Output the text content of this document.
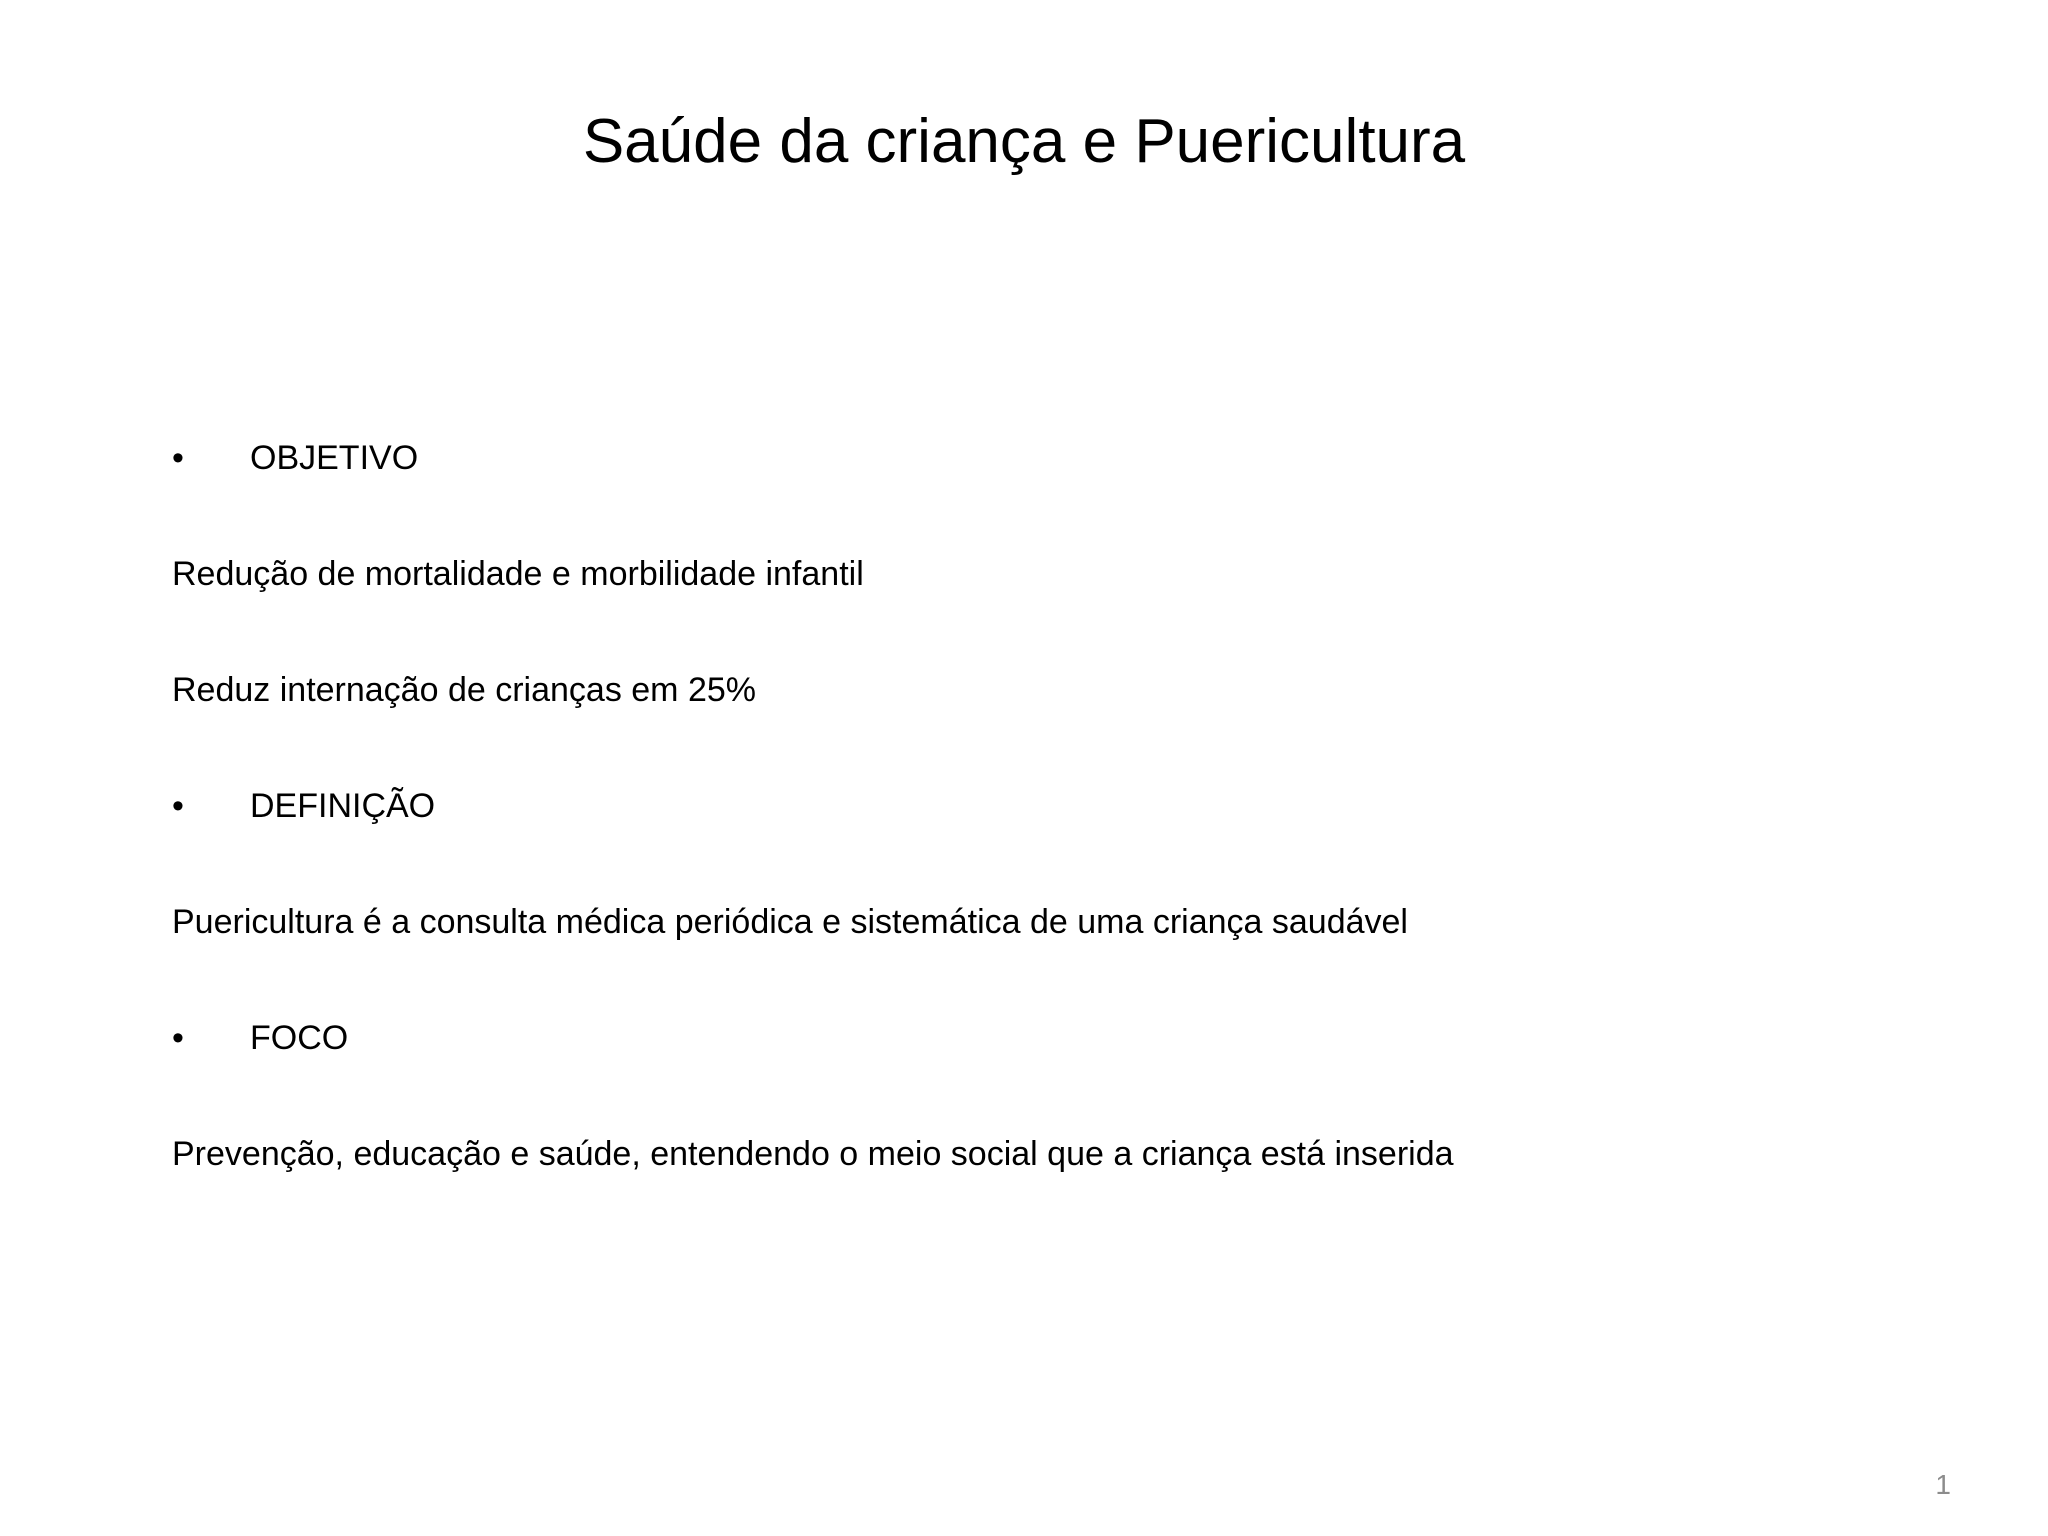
Saúde da criança e Puericultura
• OBJETIVO
Redução de mortalidade e morbilidade infantil
Reduz internação de crianças em 25%
• DEFINIÇÃO
Puericultura é a consulta médica periódica e sistemática de uma criança saudável
• FOCO
Prevenção, educação e saúde, entendendo o meio social que a criança está inserida
1
